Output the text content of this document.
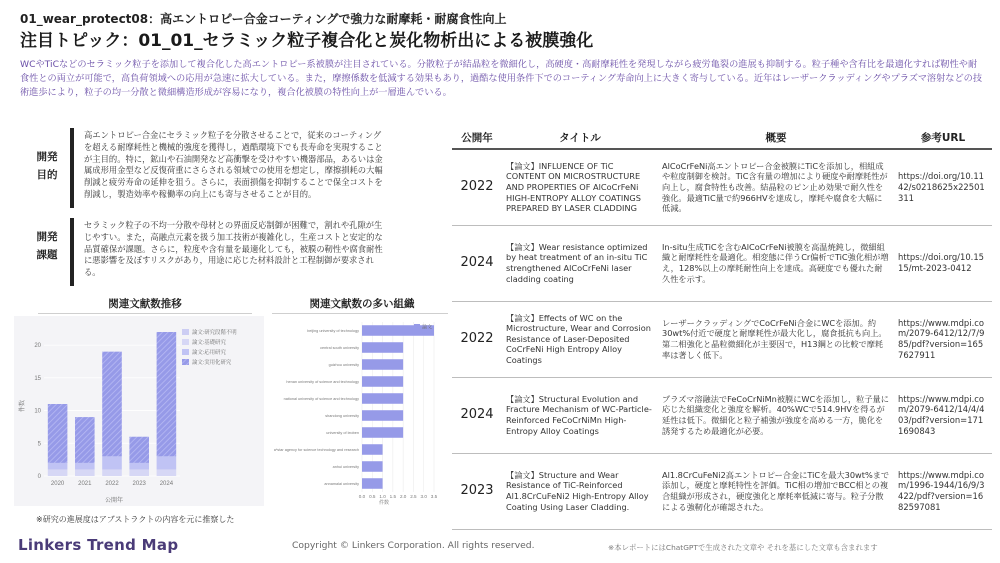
01_wear_protect08：高エントロピー合金コーティングで強力な耐摩耗・耐腐食性向上
注目トピック：01_01_セラミック粒子複合化と炭化物析出による被膜強化
WCやTiCなどのセラミック粒子を添加して複合化した高エントロピー系被膜が注目されている。分散粒子が結晶粒を微細化し，高硬度・高耐摩耗性を発現しながら疲労亀裂の進展も抑制する。粒子種や含有比を最適化すれば靭性や耐食性との両立が可能で，高負荷領域への応用が急速に拡大している。また，摩擦係数を低減する効果もあり，過酷な使用条件下でのコーティング寿命向上に大きく寄与している。近年はレーザークラッディングやプラズマ溶射などの技術進歩により，粒子の均一分散と微細構造形成が容易になり，複合化被膜の特性向上が一層進んでいる。
開発
目的
高エントロピー合金にセラミック粒子を分散させることで，従来のコーティングを超える耐摩耗性と機械的強度を獲得し，過酷環境下でも長寿命を実現することが主目的。特に，鉱山や石油開発など高衝撃を受けやすい機器部品，あるいは金属成形用金型など反復荷重にさらされる領域での使用を想定し，摩擦損耗の大幅削減と疲労寿命の延伸を狙う。さらに，表面損傷を抑制することで保全コストを削減し，製造効率や稼働率の向上にも寄与させることが目的。
開発
課題
セラミック粒子の不均一分散や母材との界面反応制御が困難で，割れや孔隙が生じやすい。また，高融点元素を扱う加工技術が複雑化し，生産コストと安定的な品質確保が課題。さらに，粒度や含有量を最適化しても，被膜の靭性や腐食耐性に悪影響を及ぼすリスクがあり，用途に応じた材料設計と工程制御が要求される。
関連文献数推移	関連文献数の多い組織
2020 2021 2022 2023 2024
0
5
10
15
20
公開年
件数
論文:研究段階不明
論文:基礎研究
論文:応用研究
論文:実用化研究
beijing university of technology
central south university
guizhou university
henan university of science and technology
national university of science and technology
shandong university
university of leoben
a*star agency for science technology and research
anhui university
annamalai university
0.0 0.5 1.0 1.5 2.0 2.5 3.0 3.5
件数
論文
※研究の進展度はアブストラクトの内容を元に推察した
公開年	タイトル	概要	参考URL
2022	【論文】INFLUENCE OF TiC CONTENT ON MICROSTRUCTURE AND PROPERTIES OF AlCoCrFeNi HIGH-ENTROPY ALLOY COATINGS PREPARED BY LASER CLADDING	AlCoCrFeNi高エントロピー合金被膜にTiCを添加し，相組成や粒度制御を検討。TiC含有量の増加により硬度や耐摩耗性が向上し，腐食特性も改善。結晶粒のピン止め効果で耐久性を強化。最適TiC量で約966HVを達成し，摩耗や腐食を大幅に低減。	https://doi.org/10.1142/s0218625x22501311
2024	【論文】Wear resistance optimized by heat treatment of an in-situ TiC strengthened AlCoCrFeNi laser cladding coating	In-situ生成TiCを含むAlCoCrFeNi被膜を高温焼鈍し，微細組織と耐摩耗性を最適化。相変態に伴うCr偏析でTiC強化相が増え，128%以上の摩耗耐性向上を達成。高硬度でも優れた耐久性を示す。	https://doi.org/10.1515/mt-2023-0412
2022	【論文】Effects of WC on the Microstructure, Wear and Corrosion Resistance of Laser-Deposited CoCrFeNi High Entropy Alloy Coatings	レーザークラッディングでCoCrFeNi合金にWCを添加。約30wt%付近で硬度と耐摩耗性が最大化し，腐食抵抗も向上。第二相強化と晶粒微細化が主要因で，H13鋼との比較で摩耗率は著しく低下。	https://www.mdpi.com/2079-6412/12/7/985/pdf?version=1657627911
2024	【論文】Structural Evolution and Fracture Mechanism of WC-Particle-Reinforced FeCoCrNiMn High-Entropy Alloy Coatings	プラズマ溶融法でFeCoCrNiMn被膜にWCを添加し，粒子量に応じた組織変化と強度を解析。40%WCで514.9HVを得るが延性は低下。微細化と粒子補強が強度を高める一方，脆化を誘発するため最適化が必要。	https://www.mdpi.com/2079-6412/14/4/403/pdf?version=1711690843
2023	【論文】Structure and Wear Resistance of TiC-Reinforced Al1.8CrCuFeNi2 High-Entropy Alloy Coating Using Laser Cladding.	Al1.8CrCuFeNi2高エントロピー合金にTiCを最大30wt%まで添加し，硬度と摩耗特性を評価。TiC相の増加でBCC相との複合組織が形成され，硬度強化と摩耗率低減に寄与。粒子分散による強靭化が確認された。	https://www.mdpi.com/1996-1944/16/9/3422/pdf?version=1682597081
Linkers Trend Map	Copyright © Linkers Corporation. All rights reserved.	※本レポートにはChatGPTで生成された文章や それを基にした文章も含まれます
